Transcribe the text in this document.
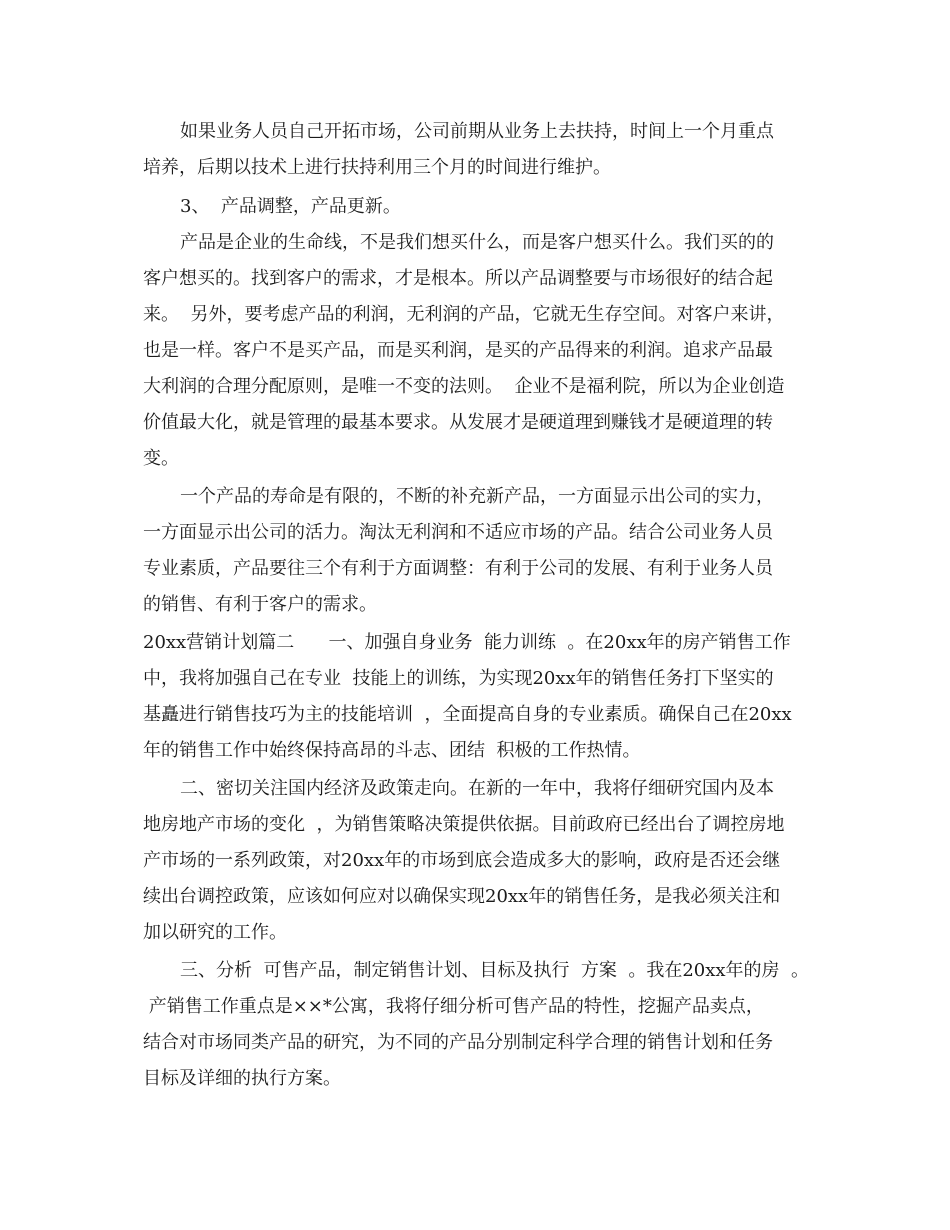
如果业务人员自己开拓市场，公司前期从业务上去扶持，时间上一个月重点
培养，后期以技术上进行扶持利用三个月的时间进行维护。
3、  产品调整，产品更新。
产品是企业的生命线，不是我们想买什么，而是客户想买什么。我们买的的
客户想买的。找到客户的需求，才是根本。所以产品调整要与市场很好的结合起
来。  另外，要考虑产品的利润，无利润的产品，它就无生存空间。对客户来讲，
也是一样。客户不是买产品，而是买利润，是买的产品得来的利润。追求产品最
大利润的合理分配原则，是唯一不变的法则。  企业不是福利院，所以为企业创造
价值最大化，就是管理的最基本要求。从发展才是硬道理到赚钱才是硬道理的转
变。
一个产品的寿命是有限的，不断的补充新产品，一方面显示出公司的实力，
一方面显示出公司的活力。淘汰无利润和不适应市场的产品。结合公司业务人员
专业素质，产品要往三个有利于方面调整：有利于公司的发展、有利于业务人员
的销售、有利于客户的需求。
20xx营销计划篇二      一、加强自身业务  能力训练  。在20xx年的房产销售工作
中，我将加强自己在专业  技能上的训练，为实现20xx年的销售任务打下坚实的
基矗进行销售技巧为主的技能培训  ，全面提高自身的专业素质。确保自己在20xx
年的销售工作中始终保持高昂的斗志、团结  积极的工作热情。
二、密切关注国内经济及政策走向。在新的一年中，我将仔细研究国内及本
地房地产市场的变化  ，为销售策略决策提供依据。目前政府已经出台了调控房地
产市场的一系列政策，对20xx年的市场到底会造成多大的影响，政府是否还会继
续出台调控政策，应该如何应对以确保实现20xx年的销售任务，是我必须关注和
加以研究的工作。
三、分析  可售产品，制定销售计划、目标及执行  方案  。我在20xx年的房  。
产销售工作重点是××*公寓，我将仔细分析可售产品的特性，挖掘产品卖点，
结合对市场同类产品的研究，为不同的产品分别制定科学合理的销售计划和任务
目标及详细的执行方案。
